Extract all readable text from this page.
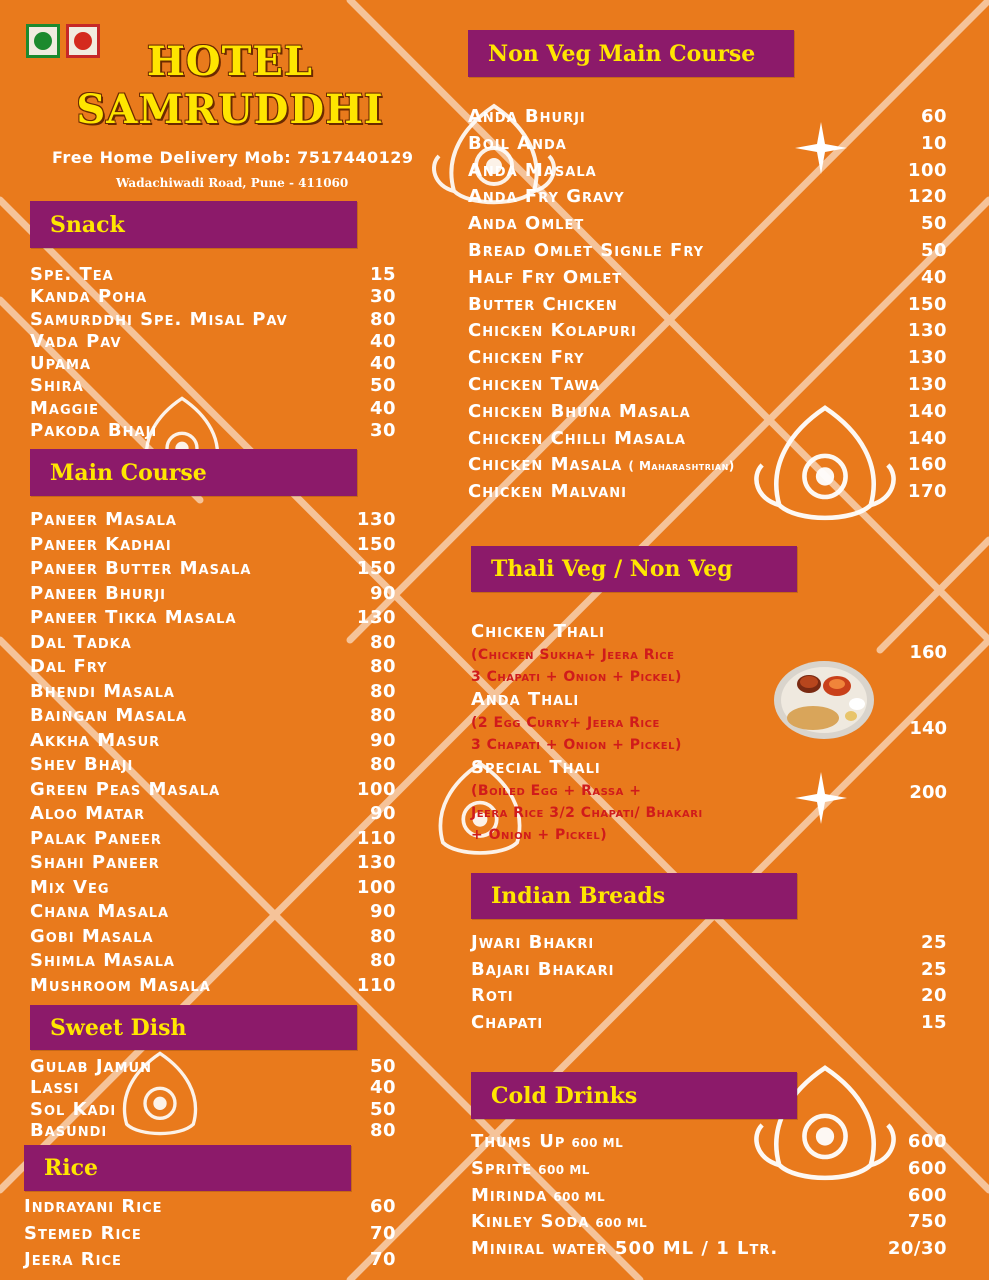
HOTEL
SAMRUDDHI
Free Home Delivery Mob: 7517440129
Wadachiwadi Road, Pune - 411060
Snack
Spe. Tea	15
Kanda Poha	30
Samurddhi Spe. Misal Pav	80
Vada Pav	40
Upama	40
Shira	50
Maggie	40
Pakoda Bhaji	30
Main Course
Paneer Masala	130
Paneer Kadhai	150
Paneer Butter Masala	150
Paneer Bhurji	90
Paneer Tikka Masala	130
Dal Tadka	80
Dal Fry	80
Bhendi Masala	80
Baingan Masala	80
Akkha Masur	90
Shev Bhaji	80
Green Peas Masala	100
Aloo Matar	90
Palak Paneer	110
Shahi Paneer	130
Mix Veg	100
Chana Masala	90
Gobi Masala	80
Shimla Masala	80
Mushroom Masala	110
Sweet Dish
Gulab Jamun	50
Lassi	40
Sol Kadi	50
Basundi	80
Rice
Indrayani Rice	60
Stemed Rice	70
Jeera Rice	70
Non Veg Main Course
Anda Bhurji	60
Boil Anda	10
Anda Masala	100
Anda Fry Gravy	120
Anda Omlet	50
Bread Omlet Signle Fry	50
Half Fry Omlet	40
Butter Chicken	150
Chicken Kolapuri	130
Chicken Fry	130
Chicken Tawa	130
Chicken Bhuna Masala	140
Chicken Chilli Masala	140
Chicken Masala ( Maharashtrian)	160
Chicken Malvani	170
Thali Veg / Non Veg
Chicken Thali
(Chicken Sukha+ Jeera Rice
3 Chapati + Onion + Pickel)
160
Anda Thali
(2 Egg Curry+ Jeera Rice
3 Chapati + Onion + Pickel)
140
Special Thali
(Boiled Egg + Rassa +
Jeera Rice 3/2 Chapati/ Bhakari
+ Onion + Pickel)
200
Indian Breads
Jwari Bhakri	25
Bajari Bhakari	25
Roti	20
Chapati	15
Cold Drinks
Thums Up 600 ML	600
Sprite 600 ML	600
Mirinda 600 ML	600
Kinley Soda 600 ML	750
Miniral water 500 ML / 1 Ltr.	20/30
